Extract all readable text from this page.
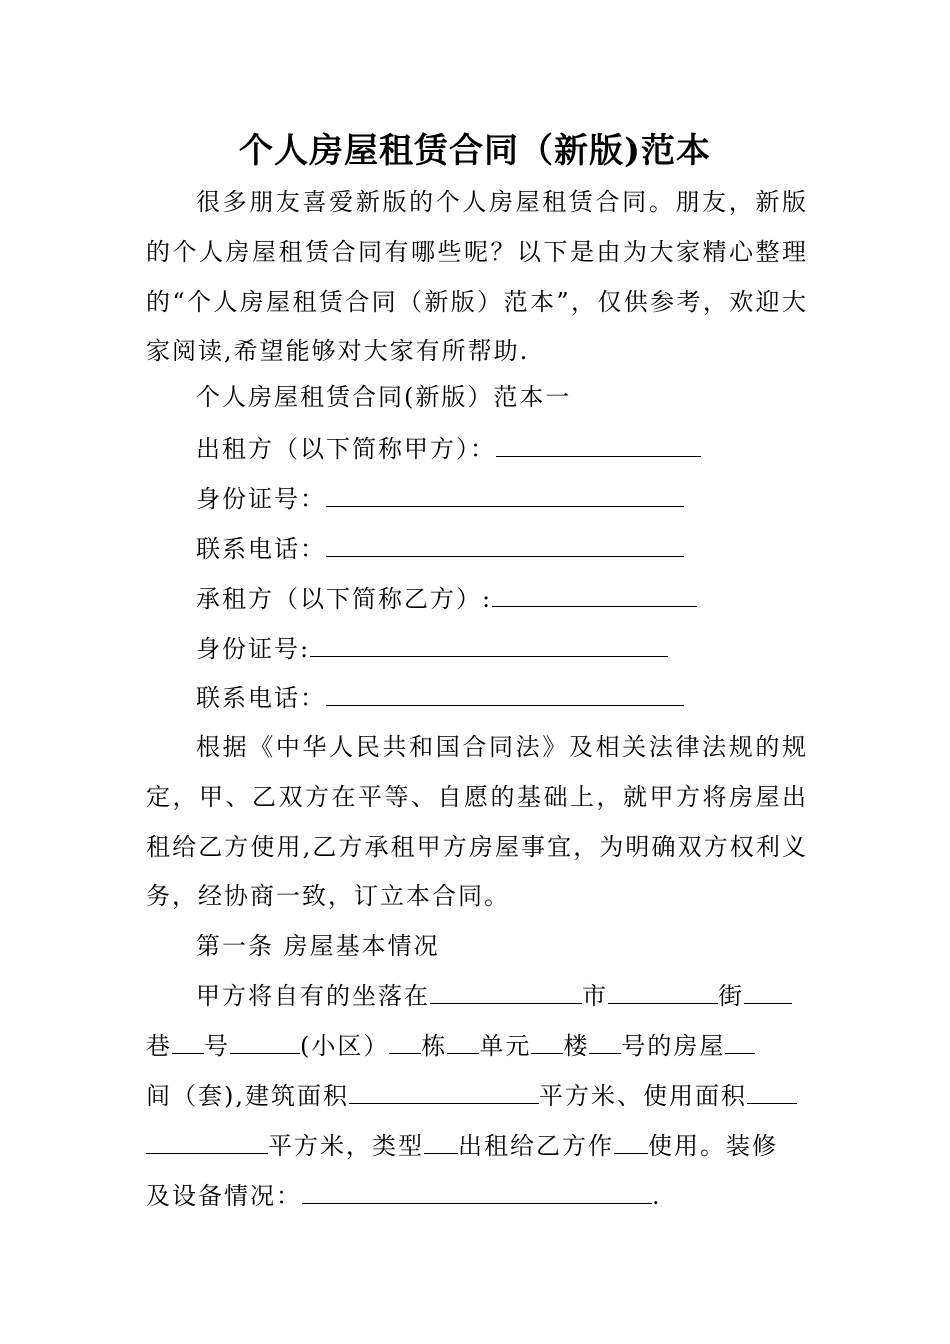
个人房屋租赁合同（新版)范本

很多朋友喜爱新版的个人房屋租赁合同。朋友，新版的个人房屋租赁合同有哪些呢？以下是由为大家精心整理的“个人房屋租赁合同（新版）范本”，仅供参考，欢迎大家阅读,希望能够对大家有所帮助.

个人房屋租赁合同(新版）范本一

出租方（以下简称甲方）：

身份证号：

联系电话：

承租方（以下简称乙方）:

身份证号:

联系电话：

根据《中华人民共和国合同法》及相关法律法规的规定，甲、乙双方在平等、自愿的基础上，就甲方将房屋出租给乙方使用,乙方承租甲方房屋事宜，为明确双方权利义务，经协商一致，订立本合同。

第一条 房屋基本情况

甲方将自有的坐落在	市	街

巷 号	(小区） 栋 单元 楼 号的房屋

间（套),建筑面积	平方米、使用面积

平方米，类型 出租给乙方作 使用。装修

及设备情况：	.
